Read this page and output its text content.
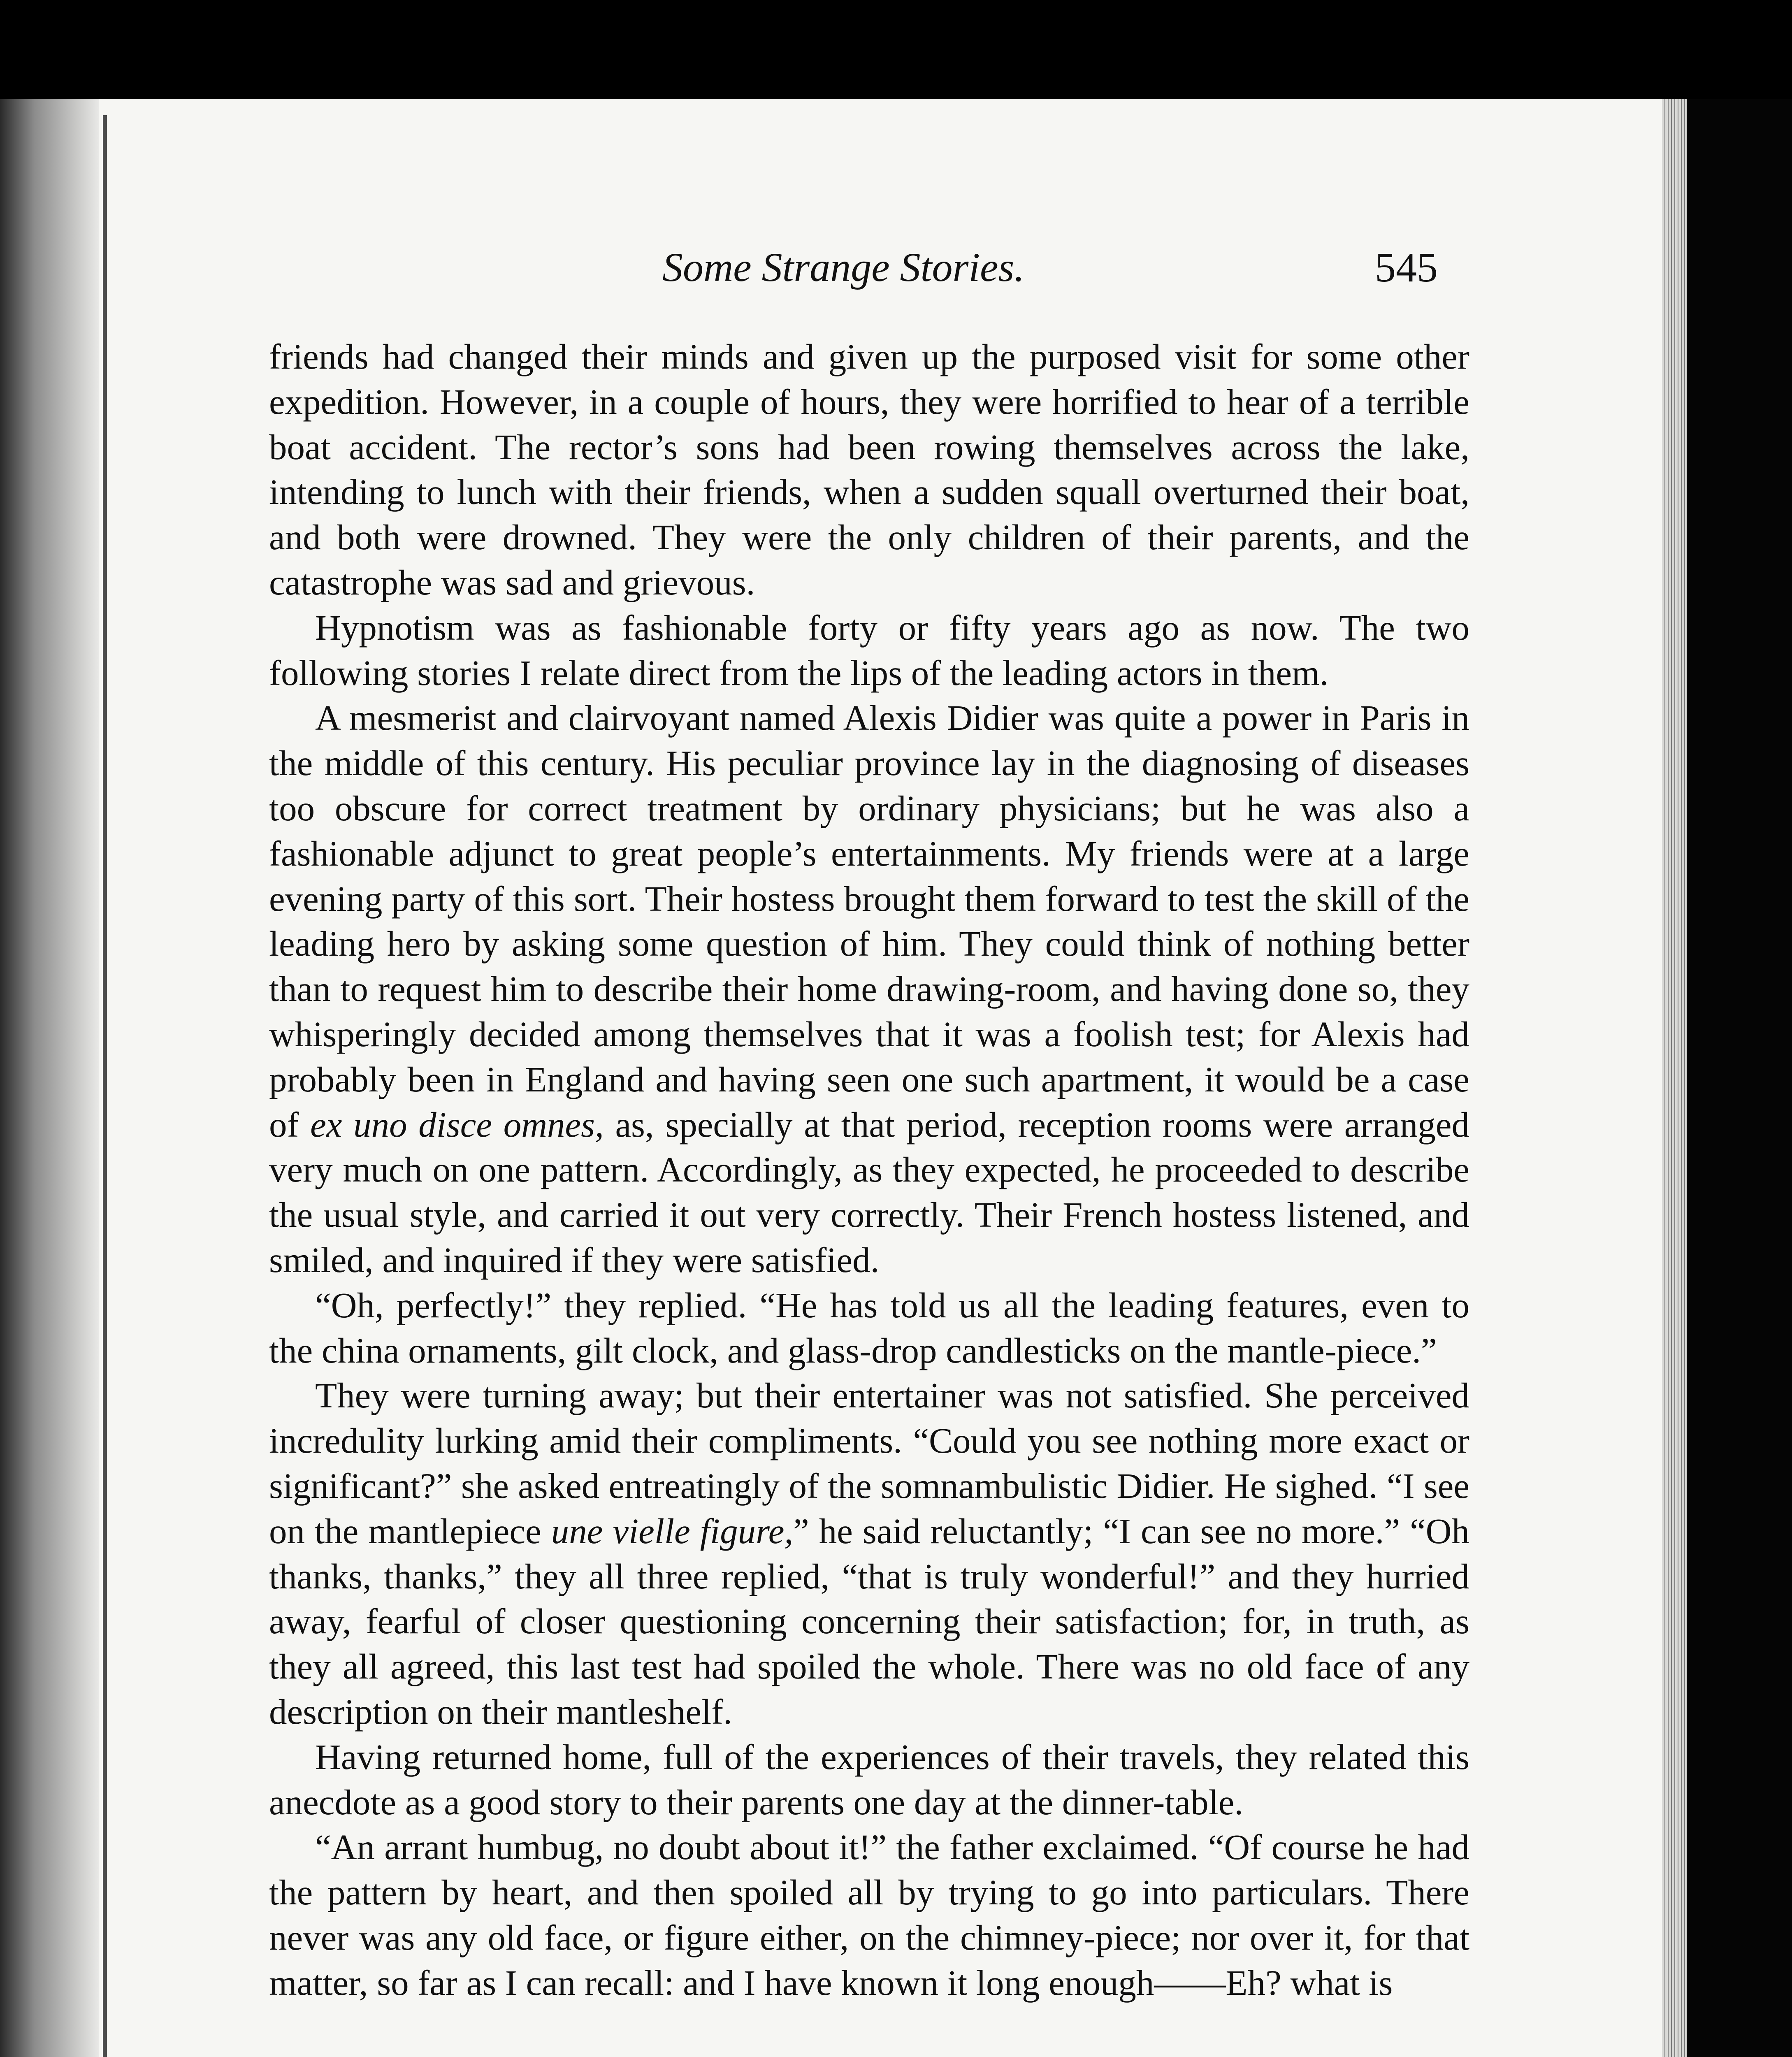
Some Strange Stories.	545

friends had changed their minds and given up the purposed visit for some other expedition. However, in a couple of hours, they were horrified to hear of a terrible boat accident. The rector’s sons had been rowing themselves across the lake, intending to lunch with their friends, when a sudden squall overturned their boat, and both were drowned. They were the only children of their parents, and the catastrophe was sad and grievous.

Hypnotism was as fashionable forty or fifty years ago as now. The two following stories I relate direct from the lips of the leading actors in them.

A mesmerist and clairvoyant named Alexis Didier was quite a power in Paris in the middle of this century. His peculiar province lay in the diagnosing of diseases too obscure for correct treatment by ordinary physicians; but he was also a fashionable adjunct to great people’s entertainments. My friends were at a large evening party of this sort. Their hostess brought them forward to test the skill of the leading hero by asking some question of him. They could think of nothing better than to request him to describe their home drawing-room, and having done so, they whisperingly decided among themselves that it was a foolish test; for Alexis had probably been in England and having seen one such apartment, it would be a case of ex uno disce omnes, as, specially at that period, reception rooms were arranged very much on one pattern. Accordingly, as they expected, he proceeded to describe the usual style, and carried it out very correctly. Their French hostess listened, and smiled, and inquired if they were satisfied.

“Oh, perfectly!” they replied. “He has told us all the leading features, even to the china ornaments, gilt clock, and glass-drop candlesticks on the mantle-piece.”

They were turning away; but their entertainer was not satisfied. She perceived incredulity lurking amid their compliments. “Could you see nothing more exact or significant?” she asked entreatingly of the somnambulistic Didier. He sighed. “I see on the mantlepiece une vielle figure,” he said reluctantly; “I can see no more.” “Oh thanks, thanks,” they all three replied, “that is truly wonderful!” and they hurried away, fearful of closer questioning concerning their satisfaction; for, in truth, as they all agreed, this last test had spoiled the whole. There was no old face of any description on their mantleshelf.

Having returned home, full of the experiences of their travels, they related this anecdote as a good story to their parents one day at the dinner-table.

“An arrant humbug, no doubt about it!” the father exclaimed. “Of course he had the pattern by heart, and then spoiled all by trying to go into particulars. There never was any old face, or figure either, on the chimney-piece; nor over it, for that matter, so far as I can recall: and I have known it long enough——Eh? what is
